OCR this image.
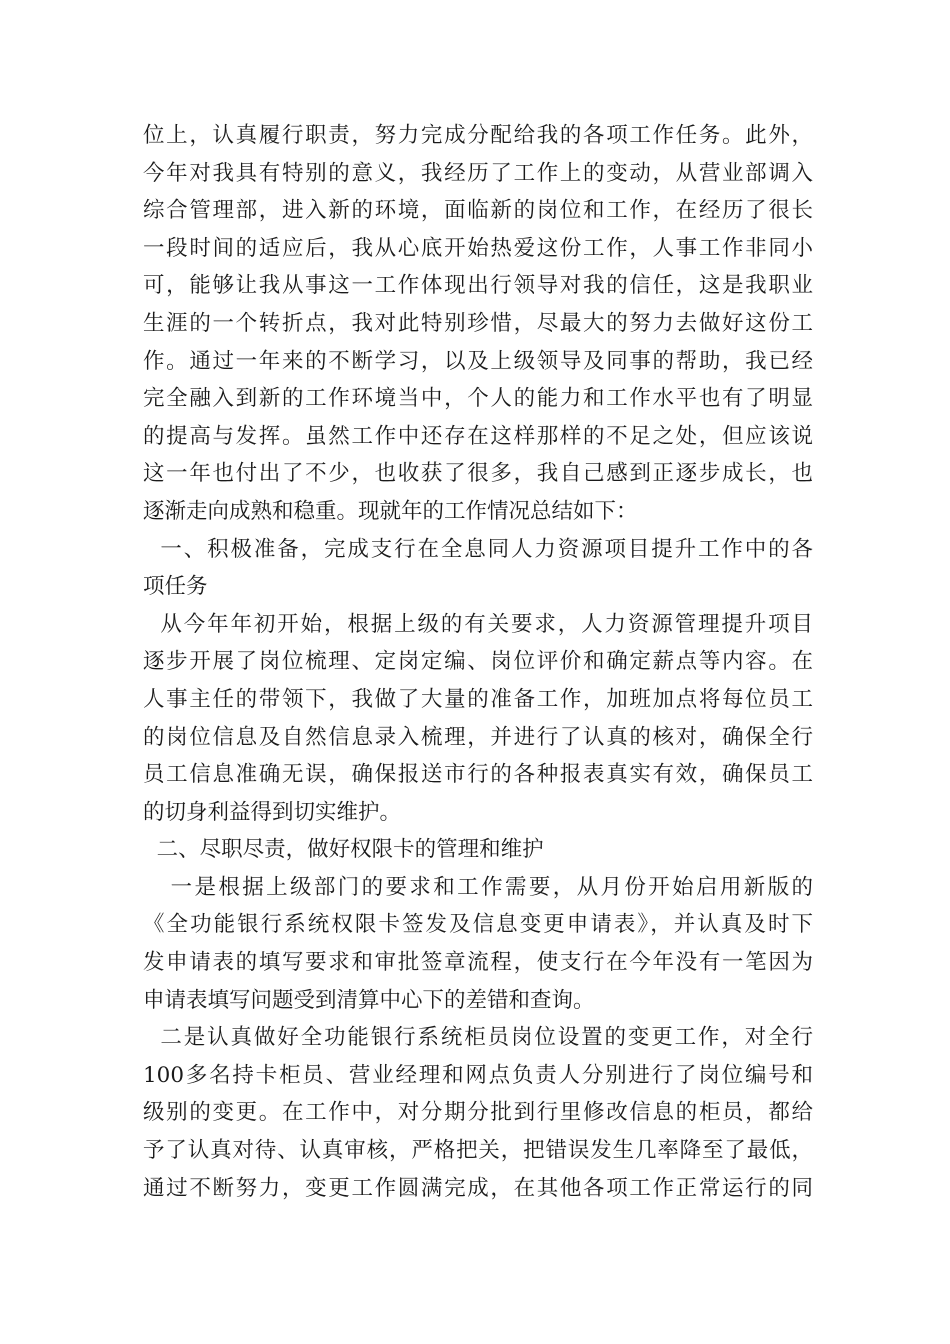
位上，认真履行职责，努力完成分配给我的各项工作任务。此外，
今年对我具有特别的意义，我经历了工作上的变动，从营业部调入
综合管理部，进入新的环境，面临新的岗位和工作，在经历了很长
一段时间的适应后，我从心底开始热爱这份工作，人事工作非同小
可，能够让我从事这一工作体现出行领导对我的信任，这是我职业
生涯的一个转折点，我对此特别珍惜，尽最大的努力去做好这份工
作。通过一年来的不断学习，以及上级领导及同事的帮助，我已经
完全融入到新的工作环境当中，个人的能力和工作水平也有了明显
的提高与发挥。虽然工作中还存在这样那样的不足之处，但应该说
这一年也付出了不少，也收获了很多，我自己感到正逐步成长，也
逐渐走向成熟和稳重。现就年的工作情况总结如下：
一、积极准备，完成支行在全息同人力资源项目提升工作中的各
项任务
从今年年初开始，根据上级的有关要求，人力资源管理提升项目
逐步开展了岗位梳理、定岗定编、岗位评价和确定薪点等内容。在
人事主任的带领下，我做了大量的准备工作，加班加点将每位员工
的岗位信息及自然信息录入梳理，并进行了认真的核对，确保全行
员工信息准确无误，确保报送市行的各种报表真实有效，确保员工
的切身利益得到切实维护。
二、尽职尽责，做好权限卡的管理和维护
一是根据上级部门的要求和工作需要，从月份开始启用新版的
《全功能银行系统权限卡签发及信息变更申请表》，并认真及时下
发申请表的填写要求和审批签章流程，使支行在今年没有一笔因为
申请表填写问题受到清算中心下的差错和查询。
二是认真做好全功能银行系统柜员岗位设置的变更工作，对全行
100多名持卡柜员、营业经理和网点负责人分别进行了岗位编号和
级别的变更。在工作中，对分期分批到行里修改信息的柜员，都给
予了认真对待、认真审核，严格把关，把错误发生几率降至了最低，
通过不断努力，变更工作圆满完成，在其他各项工作正常运行的同
